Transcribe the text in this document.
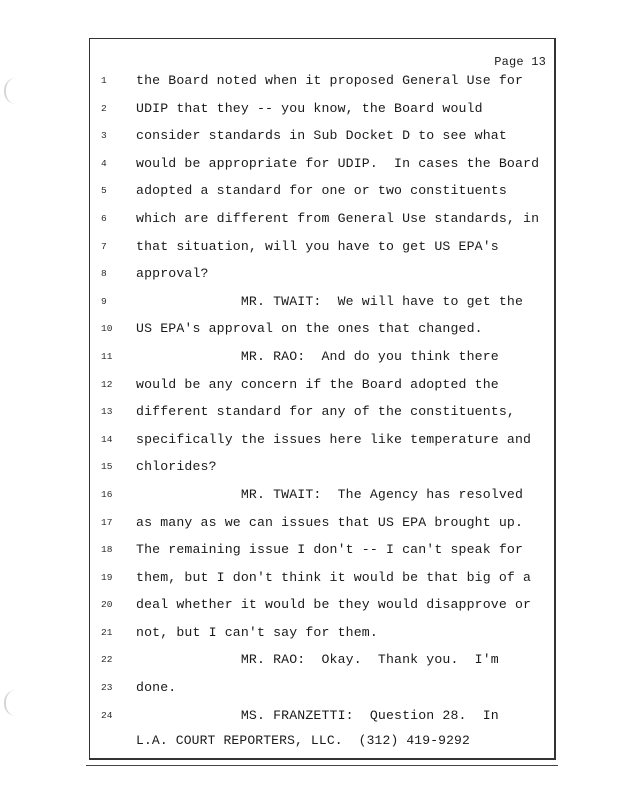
Page 13
1	the Board noted when it proposed General Use for
2	UDIP that they -- you know, the Board would
3	consider standards in Sub Docket D to see what
4	would be appropriate for UDIP.  In cases the Board
5	adopted a standard for one or two constituents
6	which are different from General Use standards, in
7	that situation, will you have to get US EPA's
8	approval?
9	MR. TWAIT:  We will have to get the
10 US EPA's approval on the ones that changed.
11 MR. RAO:  And do you think there
12 would be any concern if the Board adopted the
13 different standard for any of the constituents,
14 specifically the issues here like temperature and
15 chlorides?
16 MR. TWAIT:  The Agency has resolved
17 as many as we can issues that US EPA brought up.
18 The remaining issue I don't -- I can't speak for
19 them, but I don't think it would be that big of a
20 deal whether it would be they would disapprove or
21 not, but I can't say for them.
22 MR. RAO:  Okay.  Thank you.  I'm
23 done.
24 MS. FRANZETTI:  Question 28.  In
L.A. COURT REPORTERS, LLC.  (312) 419-9292
